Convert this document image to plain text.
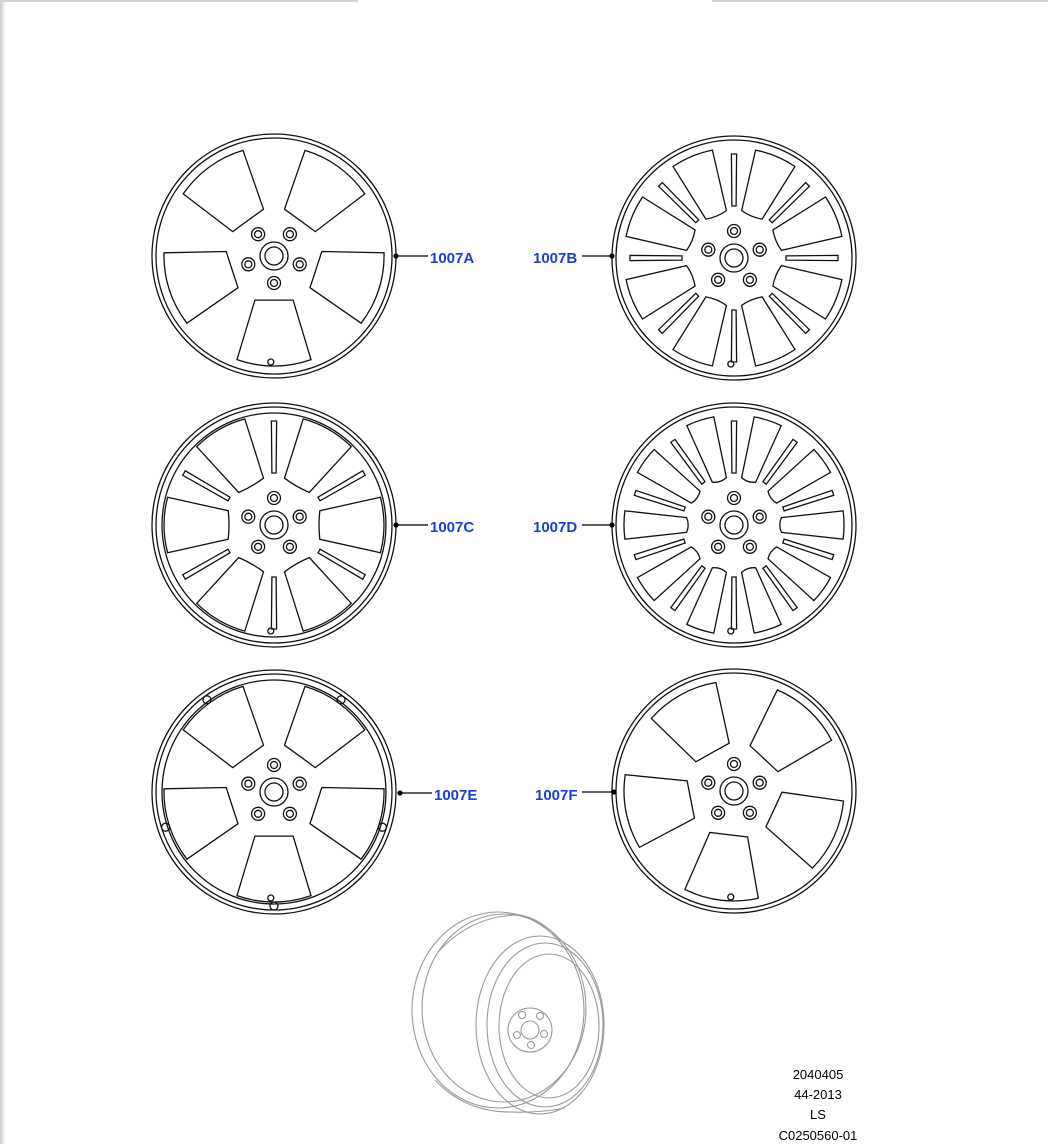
1007A	1007B
1007C	1007D
1007E	1007F
2040405
44-2013
LS
C0250560-01
